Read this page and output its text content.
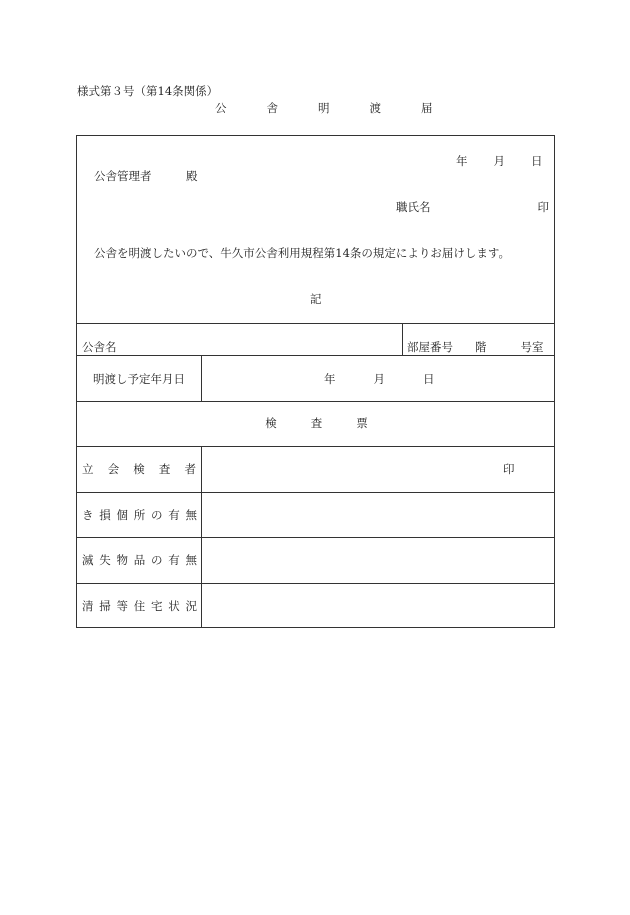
様式第３号（第14条関係）
公	舎	明	渡	届
年 月 日
公舎管理者　　　殿
職氏名	印
公舎を明渡したいので、牛久市公舎利用規程第14条の規定によりお届けします。
記
公舎名	部屋番号 階	号室
明渡し予定年月日	年	月	日
検	査	票
立 会 検 査 者	印
き 損 個 所 の 有 無
滅 失 物 品 の 有 無
清 掃 等 住 宅 状 況
